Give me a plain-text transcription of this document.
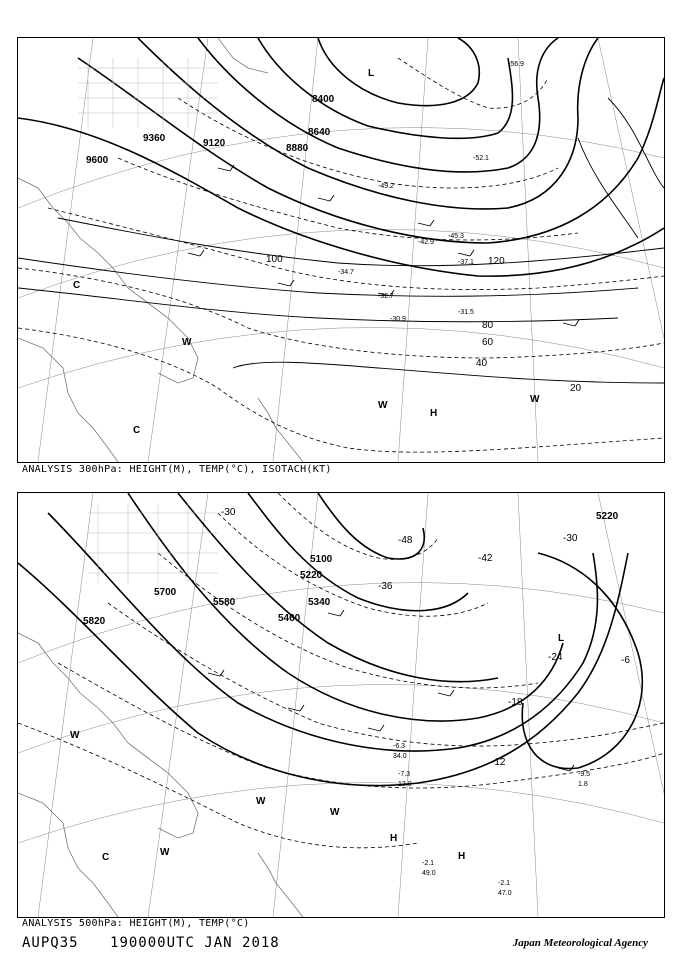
9600
9360	9120	8880
8640
8400
20
40
60
80
100	120
-30.9
-31.5
-32.7
-34.7
-37.1
-42.9
-45.3
-49.2
-52.1
-56.9
L
H
W
W
C
C
W
ANALYSIS 300hPa: HEIGHT(M), TEMP(°C), ISOTACH(KT)
5820
5700
5580
5460
5340
5220
5100
5220
-6
-12
-18
-24
-30
-36
-42
-48
-30
-2.1
49.0
-2.1
47.0
-6.3
34.0
-7.3
12.0
-9.5
1.8
L
H
H
W
W
W
C
W
ANALYSIS 500hPa: HEIGHT(M), TEMP(°C)
AUPQ35 190000UTC JAN 2018	Japan Meteorological Agency
